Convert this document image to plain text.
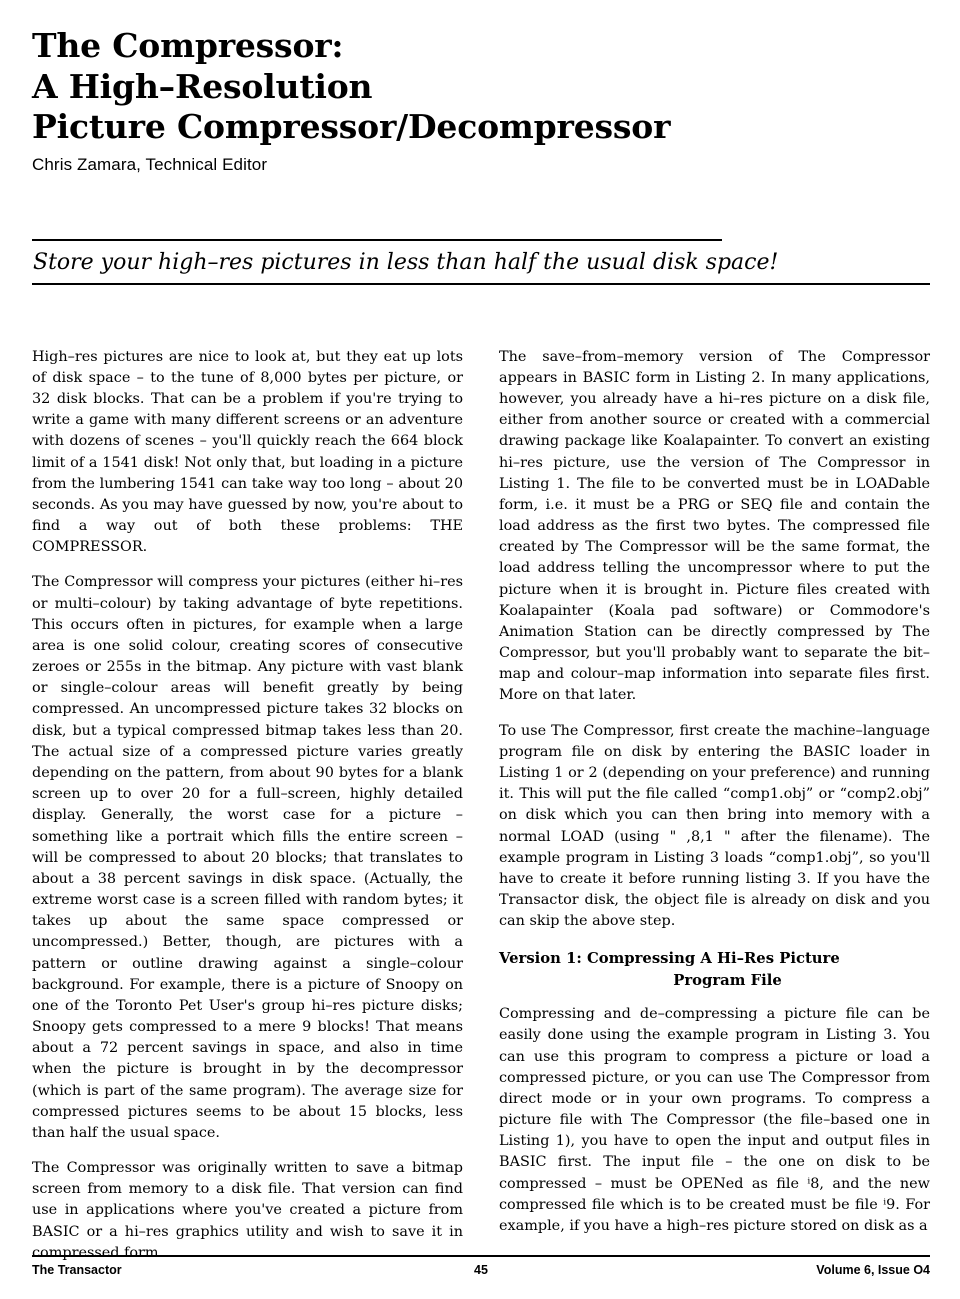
The Compressor:
A High–Resolution
Picture Compressor/Decompressor
Chris Zamara, Technical Editor
Store your high–res pictures in less than half the usual disk space!

High–res pictures are nice to look at, but they eat up lots of disk space – to the tune of 8,000 bytes per picture, or 32 disk blocks. That can be a problem if you're trying to write a game with many different screens or an adventure with dozens of scenes – you'll quickly reach the 664 block limit of a 1541 disk! Not only that, but loading in a picture from the lumbering 1541 can take way too long – about 20 seconds. As you may have guessed by now, you're about to find a way out of both these problems: THE COMPRESSOR.

The Compressor will compress your pictures (either hi–res or multi–colour) by taking advantage of byte repetitions. This occurs often in pictures, for example when a large area is one solid colour, creating scores of consecutive zeroes or 255s in the bitmap. Any picture with vast blank or single–colour areas will benefit greatly by being compressed. An uncompressed picture takes 32 blocks on disk, but a typical compressed bitmap takes less than 20. The actual size of a compressed picture varies greatly depending on the pattern, from about 90 bytes for a blank screen up to over 20 for a full–screen, highly detailed display. Generally, the worst case for a picture – something like a portrait which fills the entire screen – will be compressed to about 20 blocks; that translates to about a 38 percent savings in disk space. (Actually, the extreme worst case is a screen filled with random bytes; it takes up about the same space compressed or uncompressed.) Better, though, are pictures with a pattern or outline drawing against a single–colour background. For example, there is a picture of Snoopy on one of the Toronto Pet User's group hi–res picture disks; Snoopy gets compressed to a mere 9 blocks! That means about a 72 percent savings in space, and also in time when the picture is brought in by the decompressor (which is part of the same program). The average size for compressed pictures seems to be about 15 blocks, less than half the usual space.

The Compressor was originally written to save a bitmap screen from memory to a disk file. That version can find use in applications where you've created a picture from BASIC or a hi–res graphics utility and wish to save it in compressed form.

The save–from–memory version of The Compressor appears in BASIC form in Listing 2. In many applications, however, you already have a hi–res picture on a disk file, either from another source or created with a commercial drawing package like Koalapainter. To convert an existing hi–res picture, use the version of The Compressor in Listing 1. The file to be converted must be in LOADable form, i.e. it must be a PRG or SEQ file and contain the load address as the first two bytes. The compressed file created by The Compressor will be the same format, the load address telling the uncompressor where to put the picture when it is brought in. Picture files created with Koalapainter (Koala pad software) or Commodore's Animation Station can be directly compressed by The Compressor, but you'll probably want to separate the bit–map and colour–map information into separate files first. More on that later.

To use The Compressor, first create the machine–language program file on disk by entering the BASIC loader in Listing 1 or 2 (depending on your preference) and running it. This will put the file called “comp1.obj” or “comp2.obj” on disk which you can then bring into memory with a normal LOAD (using " ,8,1 " after the filename). The example program in Listing 3 loads “comp1.obj”, so you'll have to create it before running listing 3. If you have the Transactor disk, the object file is already on disk and you can skip the above step.

Version 1: Compressing A Hi–Res Picture
Program File

Compressing and de–compressing a picture file can be easily done using the example program in Listing 3. You can use this program to compress a picture or load a compressed picture, or you can use The Compressor from direct mode or in your own programs. To compress a picture file with The Compressor (the file–based one in Listing 1), you have to open the input and output files in BASIC first. The input file – the one on disk to be compressed – must be OPENed as file ⁱ8, and the new compressed file which is to be created must be file ⁱ9. For example, if you have a high–res picture stored on disk as a

The Transactor	45	Volume 6, Issue O4
